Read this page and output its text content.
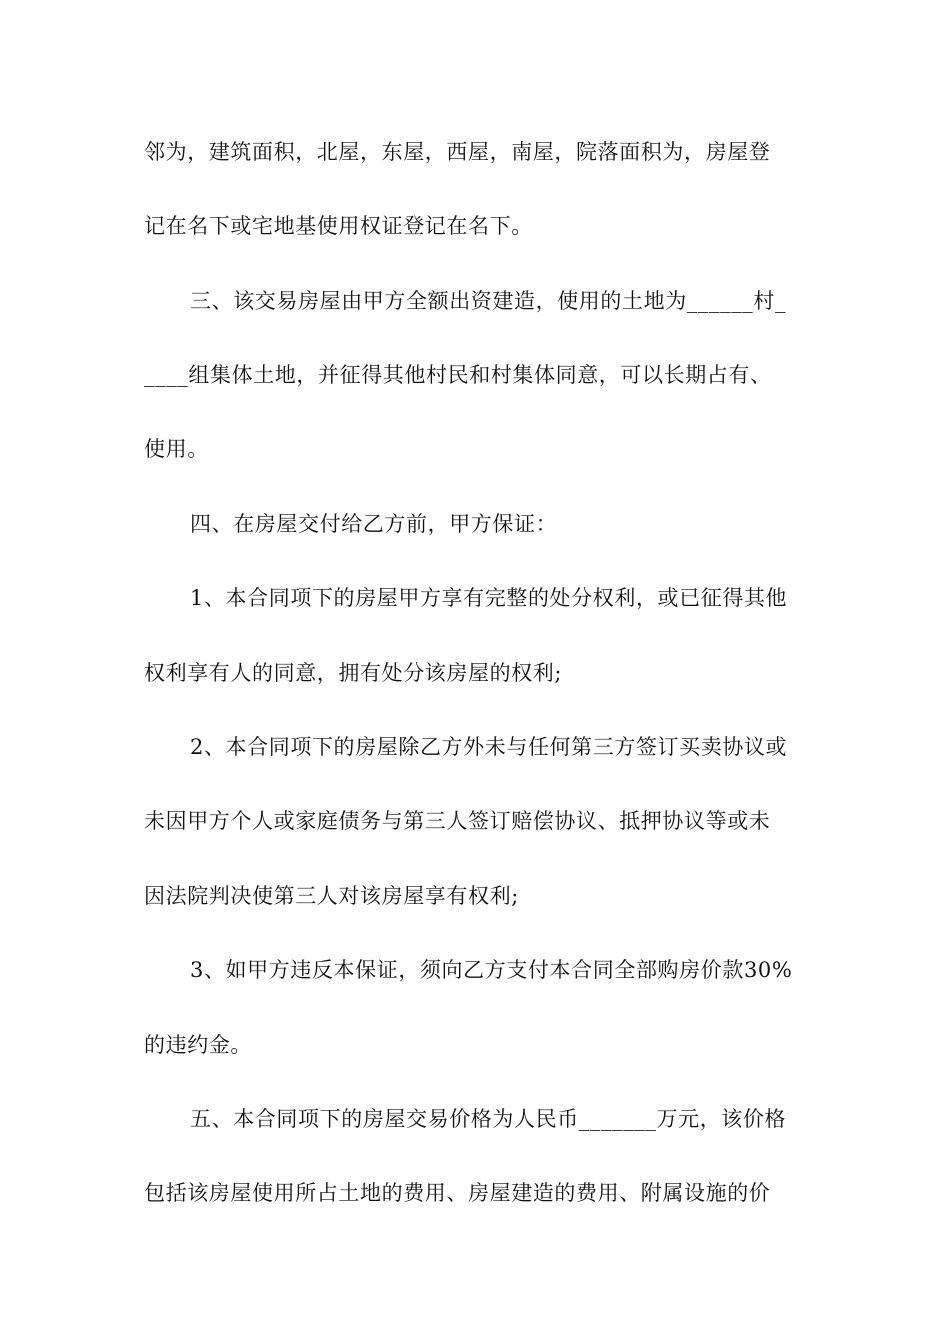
邻为，建筑面积，北屋，东屋，西屋，南屋，院落面积为，房屋登
记在名下或宅地基使用权证登记在名下。
三、该交易房屋由甲方全额出资建造，使用的土地为______村_
____组集体土地，并征得其他村民和村集体同意，可以长期占有、
使用。
四、在房屋交付给乙方前，甲方保证：
1、本合同项下的房屋甲方享有完整的处分权利，或已征得其他
权利享有人的同意，拥有处分该房屋的权利;
2、本合同项下的房屋除乙方外未与任何第三方签订买卖协议或
未因甲方个人或家庭债务与第三人签订赔偿协议、抵押协议等或未
因法院判决使第三人对该房屋享有权利;
3、如甲方违反本保证，须向乙方支付本合同全部购房价款30%
的违约金。
五、本合同项下的房屋交易价格为人民币_______万元，该价格
包括该房屋使用所占土地的费用、房屋建造的费用、附属设施的价
